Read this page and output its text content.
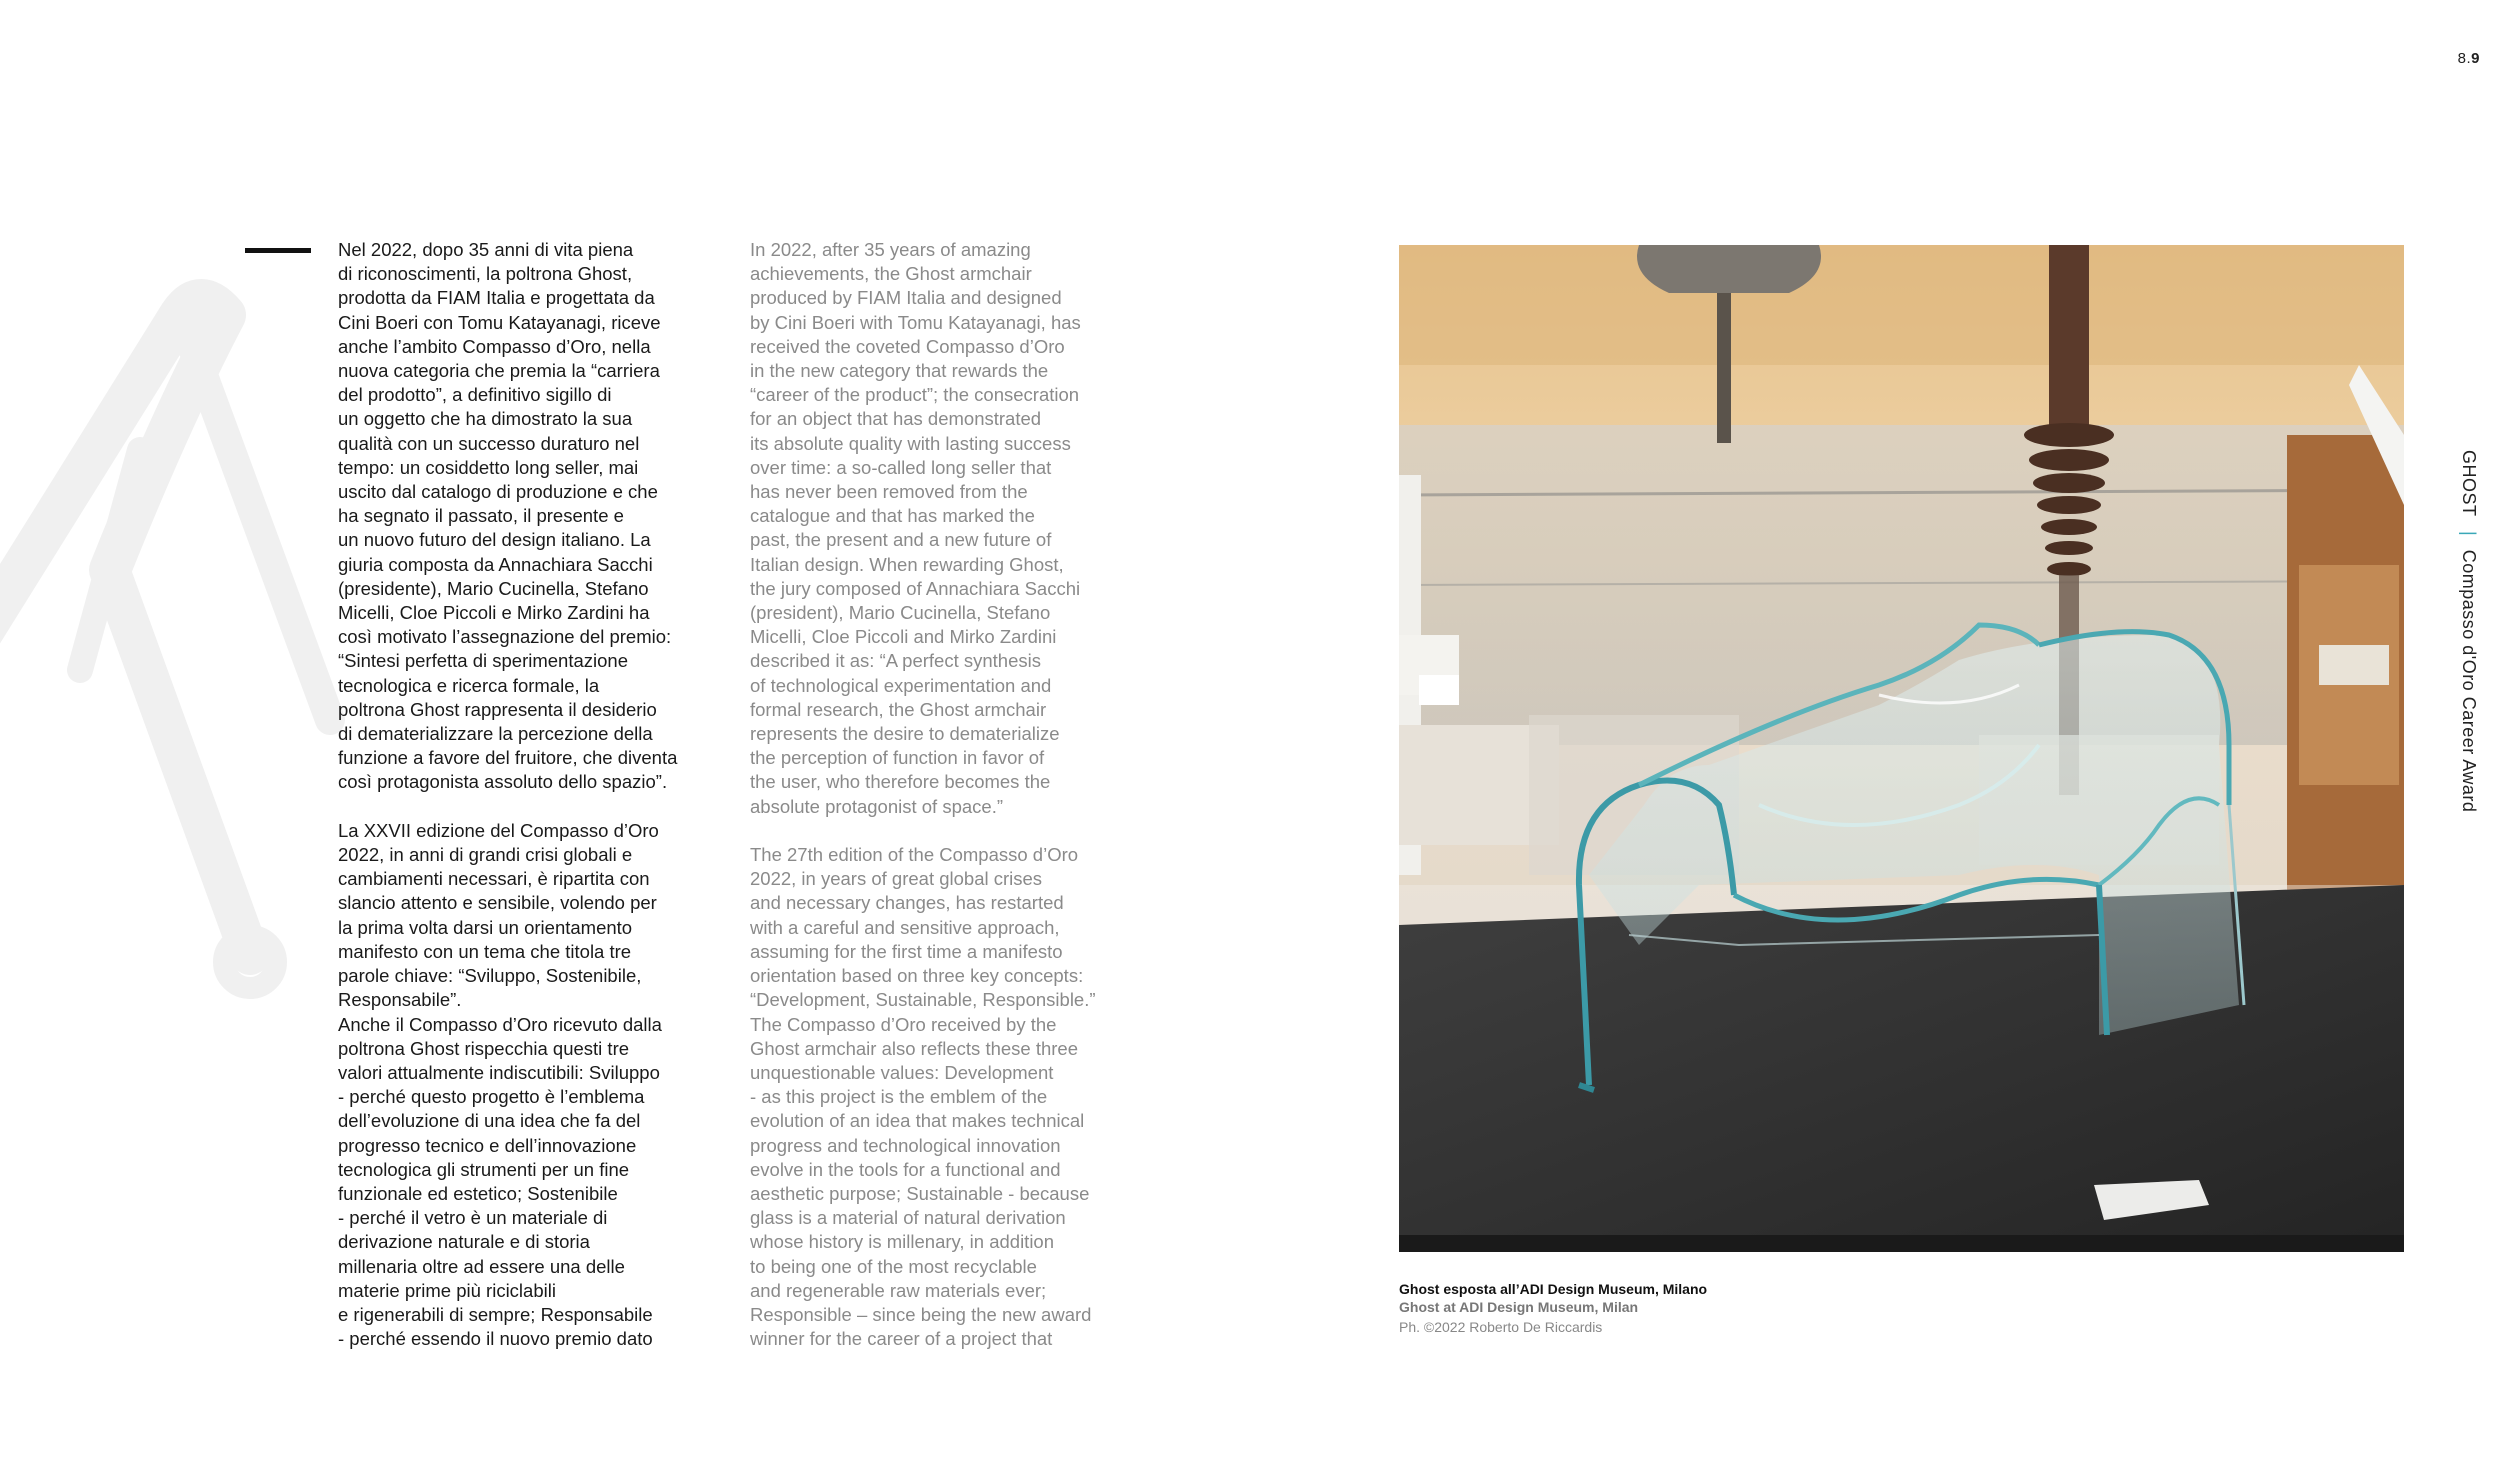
8.9

Nel 2022, dopo 35 anni di vita piena
di riconoscimenti, la poltrona Ghost,
prodotta da FIAM Italia e progettata da
Cini Boeri con Tomu Katayanagi, riceve
anche l’ambito Compasso d’Oro, nella
nuova categoria che premia la “carriera
del prodotto”, a definitivo sigillo di
un oggetto che ha dimostrato la sua
qualità con un successo duraturo nel
tempo: un cosiddetto long seller, mai
uscito dal catalogo di produzione e che
ha segnato il passato, il presente e
un nuovo futuro del design italiano. La
giuria composta da Annachiara Sacchi
(presidente), Mario Cucinella, Stefano
Micelli, Cloe Piccoli e Mirko Zardini ha
così motivato l’assegnazione del premio:
“Sintesi perfetta di sperimentazione
tecnologica e ricerca formale, la
poltrona Ghost rappresenta il desiderio
di dematerializzare la percezione della
funzione a favore del fruitore, che diventa
così protagonista assoluto dello spazio”.

La XXVII edizione del Compasso d’Oro
2022, in anni di grandi crisi globali e
cambiamenti necessari, è ripartita con
slancio attento e sensibile, volendo per
la prima volta darsi un orientamento
manifesto con un tema che titola tre
parole chiave: “Sviluppo, Sostenibile,
Responsabile”.
Anche il Compasso d’Oro ricevuto dalla
poltrona Ghost rispecchia questi tre
valori attualmente indiscutibili: Sviluppo
- perché questo progetto è l’emblema
dell’evoluzione di una idea che fa del
progresso tecnico e dell’innovazione
tecnologica gli strumenti per un fine
funzionale ed estetico; Sostenibile
- perché il vetro è un materiale di
derivazione naturale e di storia
millenaria oltre ad essere una delle
materie prime più riciclabili
e rigenerabili di sempre; Responsabile
- perché essendo il nuovo premio dato

In 2022, after 35 years of amazing
achievements, the Ghost armchair
produced by FIAM Italia and designed
by Cini Boeri with Tomu Katayanagi, has
received the coveted Compasso d’Oro
in the new category that rewards the
“career of the product”; the consecration
for an object that has demonstrated
its absolute quality with lasting success
over time: a so-called long seller that
has never been removed from the
catalogue and that has marked the
past, the present and a new future of
Italian design. When rewarding Ghost,
the jury composed of Annachiara Sacchi
(president), Mario Cucinella, Stefano
Micelli, Cloe Piccoli and Mirko Zardini
described it as: “A perfect synthesis
of technological experimentation and
formal research, the Ghost armchair
represents the desire to dematerialize
the perception of function in favor of
the user, who therefore becomes the
absolute protagonist of space.”

The 27th edition of the Compasso d’Oro
2022, in years of great global crises
and necessary changes, has restarted
with a careful and sensitive approach,
assuming for the first time a manifesto
orientation based on three key concepts:
“Development, Sustainable, Responsible.”
The Compasso d’Oro received by the
Ghost armchair also reflects these three
unquestionable values: Development
- as this project is the emblem of the
evolution of an idea that makes technical
progress and technological innovation
evolve in the tools for a functional and
aesthetic purpose; Sustainable - because
glass is a material of natural derivation
whose history is millenary, in addition
to being one of the most recyclable
and regenerable raw materials ever;
Responsible – since being the new award
winner for the career of a project that

Ghost esposta all’ADI Design Museum, Milano
Ghost at ADI Design Museum, Milan
Ph. ©2022 Roberto De Riccardis
GHOST|Compasso d'Oro Career Award
